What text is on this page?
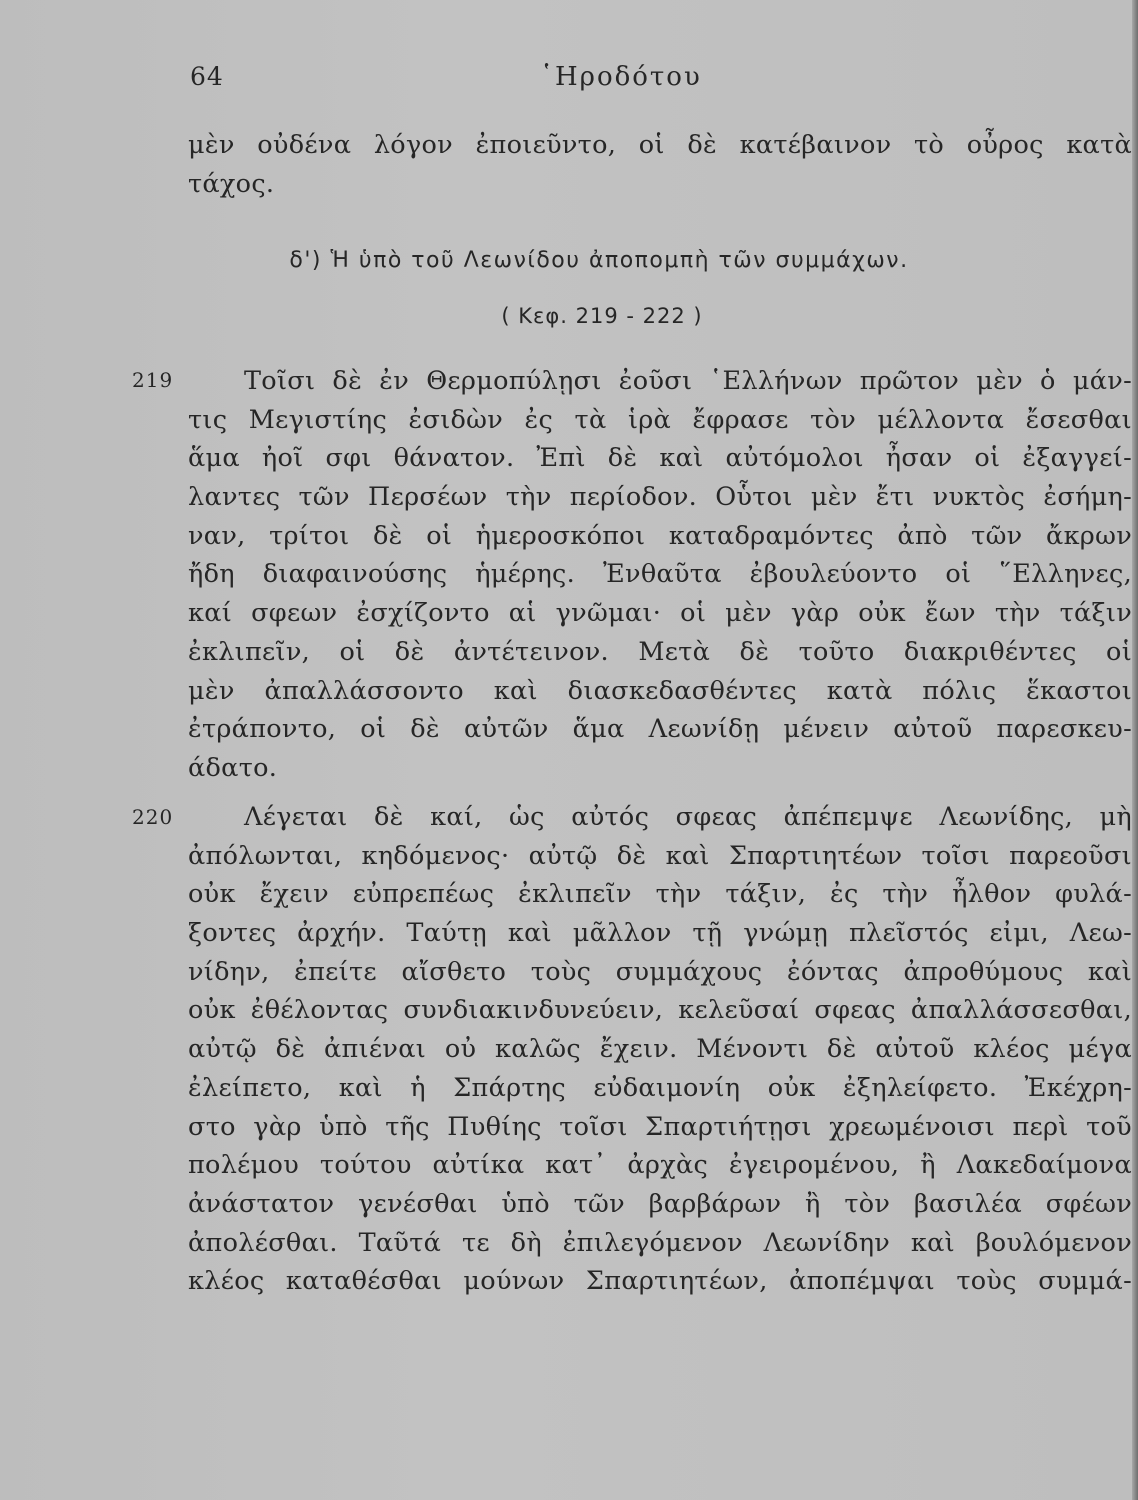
64	῾Ηροδότου
μὲν οὐδένα λόγον ἐποιεῦντο, οἱ δὲ κατέβαινον τὸ οὖρος κατὰ
τάχος.
δ') Ἡ ὑπὸ τοῦ Λεωνίδου ἀποπομπὴ τῶν συμμάχων.
( Κεφ. 219 - 222 )
219	Τοῖσι δὲ ἐν Θερμοπύλῃσι ἐοῦσι ῾Ελλήνων πρῶτον μὲν ὁ μάν-
τις Μεγιστίης ἐσιδὼν ἐς τὰ ἱρὰ ἔφρασε τὸν μέλλοντα ἔσεσθαι
ἅμα ἠοῖ σφι θάνατον. Ἐπὶ δὲ καὶ αὐτόμολοι ἦσαν οἱ ἐξαγγεί-
λαντες τῶν Περσέων τὴν περίοδον. Οὗτοι μὲν ἔτι νυκτὸς ἐσήμη-
ναν, τρίτοι δὲ οἱ ἡμεροσκόποι καταδραμόντες ἀπὸ τῶν ἄκρων
ἤδη διαφαινούσης ἡμέρης. Ἐνθαῦτα ἐβουλεύοντο οἱ ῞Ελληνες,
καί σφεων ἐσχίζοντο αἱ γνῶμαι· οἱ μὲν γὰρ οὐκ ἔων τὴν τάξιν
ἐκλιπεῖν, οἱ δὲ ἀντέτεινον. Μετὰ δὲ τοῦτο διακριθέντες οἱ
μὲν ἀπαλλάσσοντο καὶ διασκεδασθέντες κατὰ πόλις ἕκαστοι
ἐτράποντο, οἱ δὲ αὐτῶν ἅμα Λεωνίδῃ μένειν αὐτοῦ παρεσκευ-
άδατο.
220	Λέγεται δὲ καί, ὡς αὐτός σφεας ἀπέπεμψε Λεωνίδης, μὴ
ἀπόλωνται, κηδόμενος· αὐτῷ δὲ καὶ Σπαρτιητέων τοῖσι παρεοῦσι
οὐκ ἔχειν εὐπρεπέως ἐκλιπεῖν τὴν τάξιν, ἐς τὴν ἦλθον φυλά-
ξοντες ἀρχήν. Ταύτῃ καὶ μᾶλλον τῇ γνώμῃ πλεῖστός εἰμι, Λεω-
νίδην, ἐπείτε αἴσθετο τοὺς συμμάχους ἐόντας ἀπροθύμους καὶ
οὐκ ἐθέλοντας συνδιακινδυνεύειν, κελεῦσαί σφεας ἀπαλλάσσεσθαι,
αὐτῷ δὲ ἀπιέναι οὐ καλῶς ἔχειν. Μένοντι δὲ αὐτοῦ κλέος μέγα
ἐλείπετο, καὶ ἡ Σπάρτης εὐδαιμονίη οὐκ ἐξηλείφετο. Ἐκέχρη-
στο γὰρ ὑπὸ τῆς Πυθίης τοῖσι Σπαρτιήτῃσι χρεωμένοισι περὶ τοῦ
πολέμου τούτου αὐτίκα κατ᾽ ἀρχὰς ἐγειρομένου, ἢ Λακεδαίμονα
ἀνάστατον γενέσθαι ὑπὸ τῶν βαρβάρων ἢ τὸν βασιλέα σφέων
ἀπολέσθαι. Ταῦτά τε δὴ ἐπιλεγόμενον Λεωνίδην καὶ βουλόμενον
κλέος καταθέσθαι μούνων Σπαρτιητέων, ἀποπέμψαι τοὺς συμμά-
